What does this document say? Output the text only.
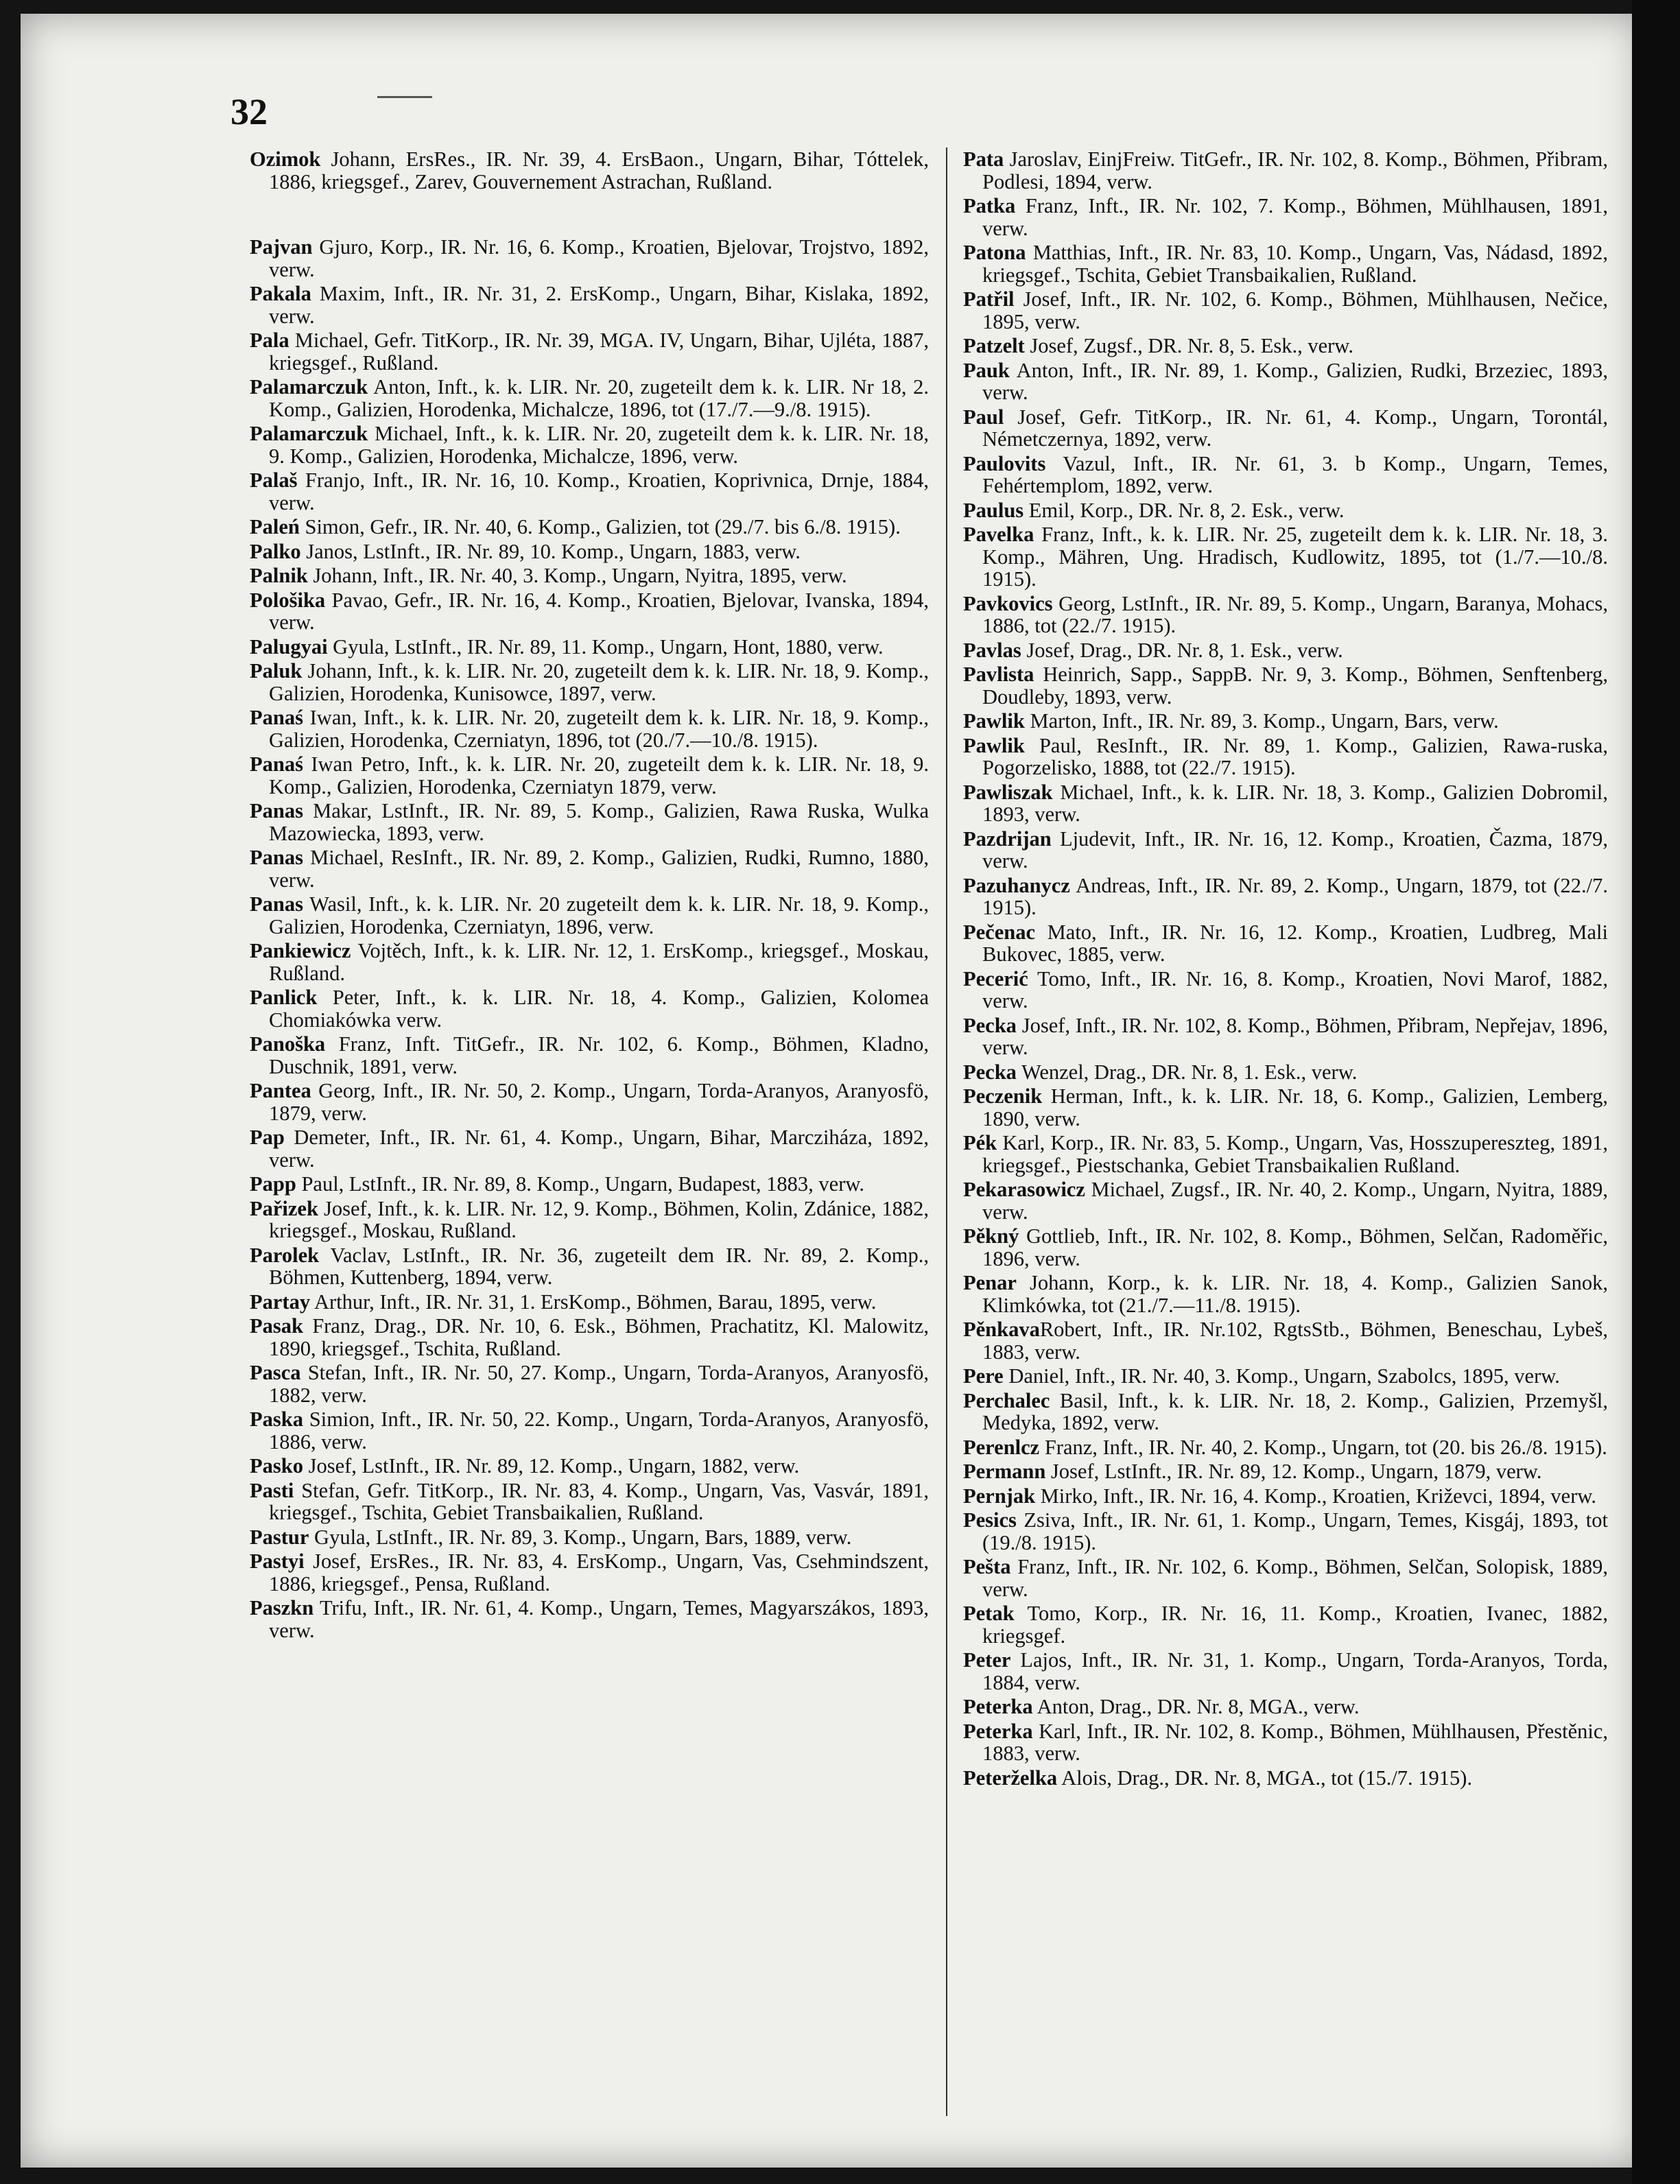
32
Ozimok Johann, ErsRes., IR. Nr. 39, 4. ErsBaon., Ungarn, Bihar, Tóttelek, 1886, kriegsgef., Zarev, Gouvernement Astrachan, Rußland.
Pajvan Gjuro, Korp., IR. Nr. 16, 6. Komp., Kroatien, Bjelovar, Trojstvo, 1892, verw.
Pakala Maxim, Inft., IR. Nr. 31, 2. ErsKomp., Ungarn, Bihar, Kislaka, 1892, verw.
Pala Michael, Gefr. TitKorp., IR. Nr. 39, MGA. IV, Ungarn, Bihar, Ujléta, 1887, kriegsgef., Rußland.
Palamarczuk Anton, Inft., k. k. LIR. Nr. 20, zugeteilt dem k. k. LIR. Nr 18, 2. Komp., Galizien, Horodenka, Michalcze, 1896, tot (17./7.—9./8. 1915).
Palamarczuk Michael, Inft., k. k. LIR. Nr. 20, zugeteilt dem k. k. LIR. Nr. 18, 9. Komp., Galizien, Horodenka, Michalcze, 1896, verw.
Palaš Franjo, Inft., IR. Nr. 16, 10. Komp., Kroatien, Koprivnica, Drnje, 1884, verw.
Paleń Simon, Gefr., IR. Nr. 40, 6. Komp., Galizien, tot (29./7. bis 6./8. 1915).
Palko Janos, LstInft., IR. Nr. 89, 10. Komp., Ungarn, 1883, verw.
Palnik Johann, Inft., IR. Nr. 40, 3. Komp., Ungarn, Nyitra, 1895, verw.
Pološika Pavao, Gefr., IR. Nr. 16, 4. Komp., Kroatien, Bjelovar, Ivanska, 1894, verw.
Palugyai Gyula, LstInft., IR. Nr. 89, 11. Komp., Ungarn, Hont, 1880, verw.
Paluk Johann, Inft., k. k. LIR. Nr. 20, zugeteilt dem k. k. LIR. Nr. 18, 9. Komp., Galizien, Horodenka, Kunisowce, 1897, verw.
Panaś Iwan, Inft., k. k. LIR. Nr. 20, zugeteilt dem k. k. LIR. Nr. 18, 9. Komp., Galizien, Horodenka, Czerniatyn, 1896, tot (20./7.—10./8. 1915).
Panaś Iwan Petro, Inft., k. k. LIR. Nr. 20, zugeteilt dem k. k. LIR. Nr. 18, 9. Komp., Galizien, Horodenka, Czerniatyn 1879, verw.
Panas Makar, LstInft., IR. Nr. 89, 5. Komp., Galizien, Rawa Ruska, Wulka Mazowiecka, 1893, verw.
Panas Michael, ResInft., IR. Nr. 89, 2. Komp., Galizien, Rudki, Rumno, 1880, verw.
Panas Wasil, Inft., k. k. LIR. Nr. 20 zugeteilt dem k. k. LIR. Nr. 18, 9. Komp., Galizien, Horodenka, Czerniatyn, 1896, verw.
Pankiewicz Vojtěch, Inft., k. k. LIR. Nr. 12, 1. ErsKomp., kriegsgef., Moskau, Rußland.
Panlick Peter, Inft., k. k. LIR. Nr. 18, 4. Komp., Galizien, Kolomea Chomiakówka verw.
Panoška Franz, Inft. TitGefr., IR. Nr. 102, 6. Komp., Böhmen, Kladno, Duschnik, 1891, verw.
Pantea Georg, Inft., IR. Nr. 50, 2. Komp., Ungarn, Torda-Aranyos, Aranyosfö, 1879, verw.
Pap Demeter, Inft., IR. Nr. 61, 4. Komp., Ungarn, Bihar, Marcziháza, 1892, verw.
Papp Paul, LstInft., IR. Nr. 89, 8. Komp., Ungarn, Budapest, 1883, verw.
Pařizek Josef, Inft., k. k. LIR. Nr. 12, 9. Komp., Böhmen, Kolin, Zdánice, 1882, kriegsgef., Moskau, Rußland.
Parolek Vaclav, LstInft., IR. Nr. 36, zugeteilt dem IR. Nr. 89, 2. Komp., Böhmen, Kuttenberg, 1894, verw.
Partay Arthur, Inft., IR. Nr. 31, 1. ErsKomp., Böhmen, Barau, 1895, verw.
Pasak Franz, Drag., DR. Nr. 10, 6. Esk., Böhmen, Prachatitz, Kl. Malowitz, 1890, kriegsgef., Tschita, Rußland.
Pasca Stefan, Inft., IR. Nr. 50, 27. Komp., Ungarn, Torda-Aranyos, Aranyosfö, 1882, verw.
Paska Simion, Inft., IR. Nr. 50, 22. Komp., Ungarn, Torda-Aranyos, Aranyosfö, 1886, verw.
Pasko Josef, LstInft., IR. Nr. 89, 12. Komp., Ungarn, 1882, verw.
Pasti Stefan, Gefr. TitKorp., IR. Nr. 83, 4. Komp., Ungarn, Vas, Vasvár, 1891, kriegsgef., Tschita, Gebiet Transbaikalien, Rußland.
Pastur Gyula, LstInft., IR. Nr. 89, 3. Komp., Ungarn, Bars, 1889, verw.
Pastyi Josef, ErsRes., IR. Nr. 83, 4. ErsKomp., Ungarn, Vas, Csehmindszent, 1886, kriegsgef., Pensa, Rußland.
Paszkn Trifu, Inft., IR. Nr. 61, 4. Komp., Ungarn, Temes, Magyarszákos, 1893, verw.
Pata Jaroslav, EinjFreiw. TitGefr., IR. Nr. 102, 8. Komp., Böhmen, Přibram, Podlesi, 1894, verw.
Patka Franz, Inft., IR. Nr. 102, 7. Komp., Böhmen, Mühlhausen, 1891, verw.
Patona Matthias, Inft., IR. Nr. 83, 10. Komp., Ungarn, Vas, Nádasd, 1892, kriegsgef., Tschita, Gebiet Transbaikalien, Rußland.
Patřil Josef, Inft., IR. Nr. 102, 6. Komp., Böhmen, Mühlhausen, Nečice, 1895, verw.
Patzelt Josef, Zugsf., DR. Nr. 8, 5. Esk., verw.
Pauk Anton, Inft., IR. Nr. 89, 1. Komp., Galizien, Rudki, Brzeziec, 1893, verw.
Paul Josef, Gefr. TitKorp., IR. Nr. 61, 4. Komp., Ungarn, Torontál, Németczernya, 1892, verw.
Paulovits Vazul, Inft., IR. Nr. 61, 3. b Komp., Ungarn, Temes, Fehértemplom, 1892, verw.
Paulus Emil, Korp., DR. Nr. 8, 2. Esk., verw.
Pavelka Franz, Inft., k. k. LIR. Nr. 25, zugeteilt dem k. k. LIR. Nr. 18, 3. Komp., Mähren, Ung. Hradisch, Kudlowitz, 1895, tot (1./7.—10./8. 1915).
Pavkovics Georg, LstInft., IR. Nr. 89, 5. Komp., Ungarn, Baranya, Mohacs, 1886, tot (22./7. 1915).
Pavlas Josef, Drag., DR. Nr. 8, 1. Esk., verw.
Pavlista Heinrich, Sapp., SappB. Nr. 9, 3. Komp., Böhmen, Senftenberg, Doudleby, 1893, verw.
Pawlik Marton, Inft., IR. Nr. 89, 3. Komp., Ungarn, Bars, verw.
Pawlik Paul, ResInft., IR. Nr. 89, 1. Komp., Galizien, Rawa-ruska, Pogorzelisko, 1888, tot (22./7. 1915).
Pawliszak Michael, Inft., k. k. LIR. Nr. 18, 3. Komp., Galizien Dobromil, 1893, verw.
Pazdrijan Ljudevit, Inft., IR. Nr. 16, 12. Komp., Kroatien, Čazma, 1879, verw.
Pazuhanycz Andreas, Inft., IR. Nr. 89, 2. Komp., Ungarn, 1879, tot (22./7. 1915).
Pečenac Mato, Inft., IR. Nr. 16, 12. Komp., Kroatien, Ludbreg, Mali Bukovec, 1885, verw.
Pecerić Tomo, Inft., IR. Nr. 16, 8. Komp., Kroatien, Novi Marof, 1882, verw.
Pecka Josef, Inft., IR. Nr. 102, 8. Komp., Böhmen, Přibram, Nepřejav, 1896, verw.
Pecka Wenzel, Drag., DR. Nr. 8, 1. Esk., verw.
Peczenik Herman, Inft., k. k. LIR. Nr. 18, 6. Komp., Galizien, Lemberg, 1890, verw.
Pék Karl, Korp., IR. Nr. 83, 5. Komp., Ungarn, Vas, Hosszupereszteg, 1891, kriegsgef., Piestschanka, Gebiet Transbaikalien Rußland.
Pekarasowicz Michael, Zugsf., IR. Nr. 40, 2. Komp., Ungarn, Nyitra, 1889, verw.
Pěkný Gottlieb, Inft., IR. Nr. 102, 8. Komp., Böhmen, Selčan, Radoměřic, 1896, verw.
Penar Johann, Korp., k. k. LIR. Nr. 18, 4. Komp., Galizien Sanok, Klimkówka, tot (21./7.—11./8. 1915).
PěnkavaRobert, Inft., IR. Nr.102, RgtsStb., Böhmen, Beneschau, Lybeš, 1883, verw.
Pere Daniel, Inft., IR. Nr. 40, 3. Komp., Ungarn, Szabolcs, 1895, verw.
Perchalec Basil, Inft., k. k. LIR. Nr. 18, 2. Komp., Galizien, Przemyšl, Medyka, 1892, verw.
Perenlcz Franz, Inft., IR. Nr. 40, 2. Komp., Ungarn, tot (20. bis 26./8. 1915).
Permann Josef, LstInft., IR. Nr. 89, 12. Komp., Ungarn, 1879, verw.
Pernjak Mirko, Inft., IR. Nr. 16, 4. Komp., Kroatien, Križevci, 1894, verw.
Pesics Zsiva, Inft., IR. Nr. 61, 1. Komp., Ungarn, Temes, Kisgáj, 1893, tot (19./8. 1915).
Pešta Franz, Inft., IR. Nr. 102, 6. Komp., Böhmen, Selčan, Solopisk, 1889, verw.
Petak Tomo, Korp., IR. Nr. 16, 11. Komp., Kroatien, Ivanec, 1882, kriegsgef.
Peter Lajos, Inft., IR. Nr. 31, 1. Komp., Ungarn, Torda-Aranyos, Torda, 1884, verw.
Peterka Anton, Drag., DR. Nr. 8, MGA., verw.
Peterka Karl, Inft., IR. Nr. 102, 8. Komp., Böhmen, Mühlhausen, Přestěnic, 1883, verw.
Peterželka Alois, Drag., DR. Nr. 8, MGA., tot (15./7. 1915).
